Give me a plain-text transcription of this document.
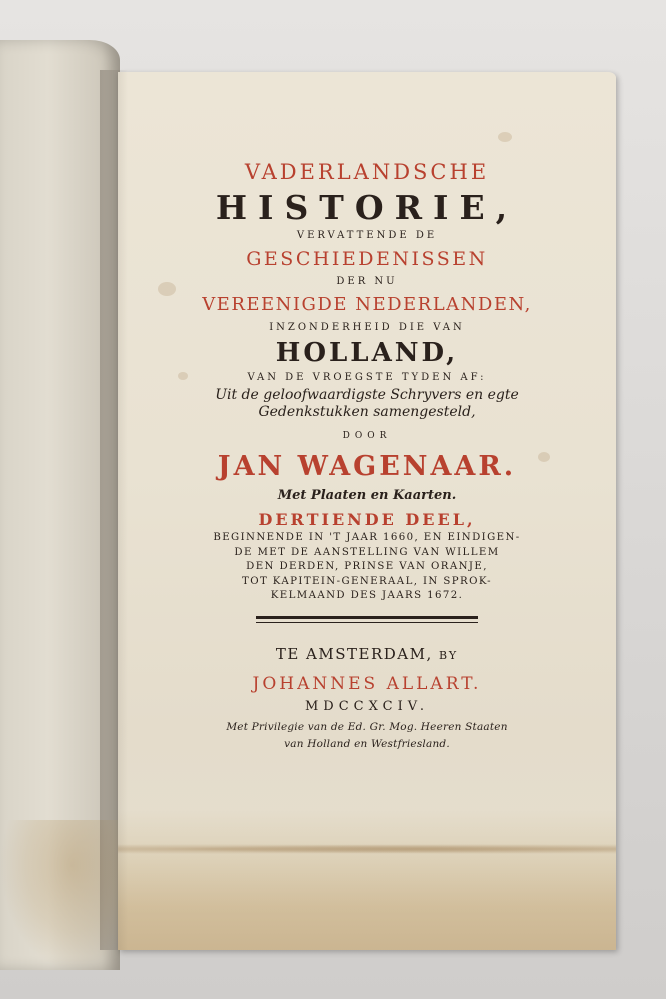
VADERLANDSCHE
HISTORIE,
VERVATTENDE DE
GESCHIEDENISSEN
DER NU
VEREENIGDE NEDERLANDEN,
INZONDERHEID DIE VAN
HOLLAND,
VAN DE VROEGSTE TYDEN AF:
Uit de geloofwaardigste Schryvers en egte
Gedenkstukken samengesteld,
DOOR
JAN WAGENAAR.
Met Plaaten en Kaarten.
DERTIENDE DEEL,
BEGINNENDE IN 'T JAAR 1660, EN EINDIGEN-
DE MET DE AANSTELLING VAN WILLEM
DEN DERDEN, PRINSE VAN ORANJE,
TOT KAPITEIN-GENERAAL, IN SPROK-
KELMAAND DES JAARS 1672.
TE AMSTERDAM, BY
JOHANNES ALLART.
MDCCXCIV.
Met Privilegie van de Ed. Gr. Mog. Heeren Staaten
van Holland en Westfriesland.
